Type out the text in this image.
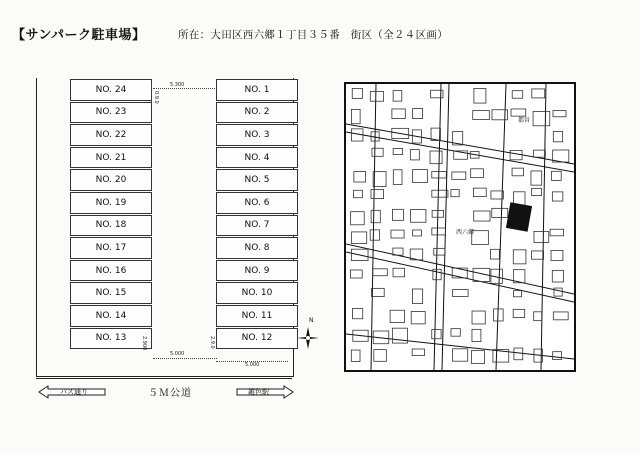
【サンパーク駐車場】	所在：大田区西六郷１丁目３５番　街区（全２４区画）
NO. 24
NO. 23
NO. 22
NO. 21
NO. 20
NO. 19
NO. 18
NO. 17
NO. 16
NO. 15
NO. 14
NO. 13
NO. 1
NO. 2
NO. 3
NO. 4
NO. 5
NO. 6
NO. 7
NO. 8
NO. 9
NO. 10
NO. 11
NO. 12
5.300
0.9.0
5.000
2.900	2.9.0
5.000
N
バス通り	５Ｍ公道	雑色駅
西六郷
都営
